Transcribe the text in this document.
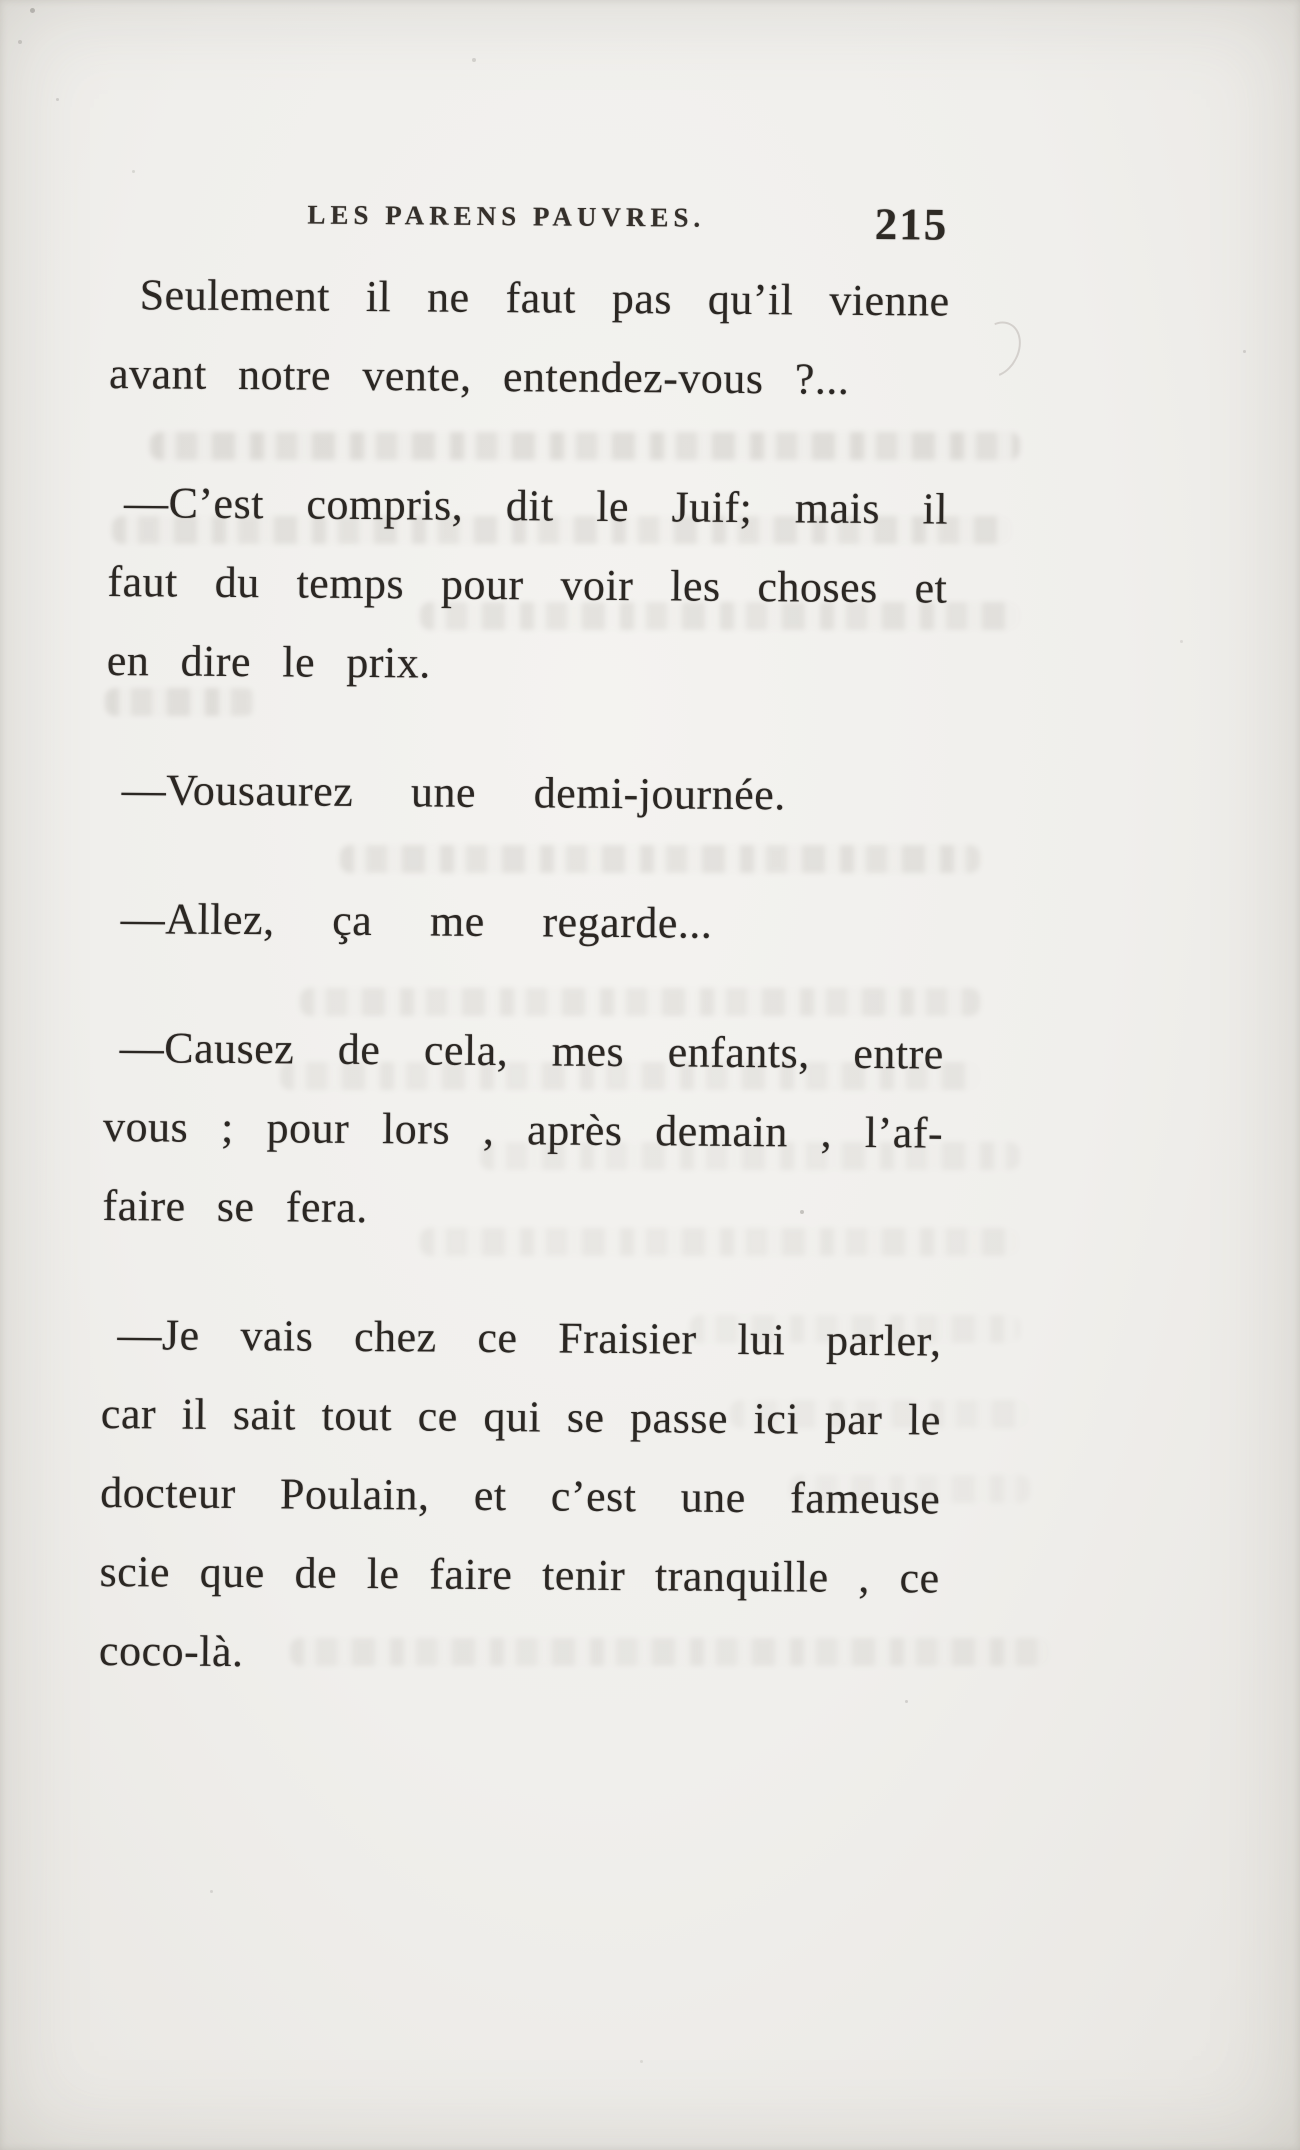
LES PARENS PAUVRES.	215

Seulement il ne faut pas qu’il vienne
avant notre vente, entendez-vous ?...

—C’est compris, dit le Juif; mais il
faut du temps pour voir les choses et
en dire le prix.

—Vousaurez une demi-journée.

—Allez, ça me regarde...

—Causez de cela, mes enfants, entre
vous ; pour lors , après demain , l’af-
faire se fera.

—Je vais chez ce Fraisier lui parler,
car il sait tout ce qui se passe ici par le
docteur Poulain, et c’est une fameuse
scie que de le faire tenir tranquille , ce
coco-là.
